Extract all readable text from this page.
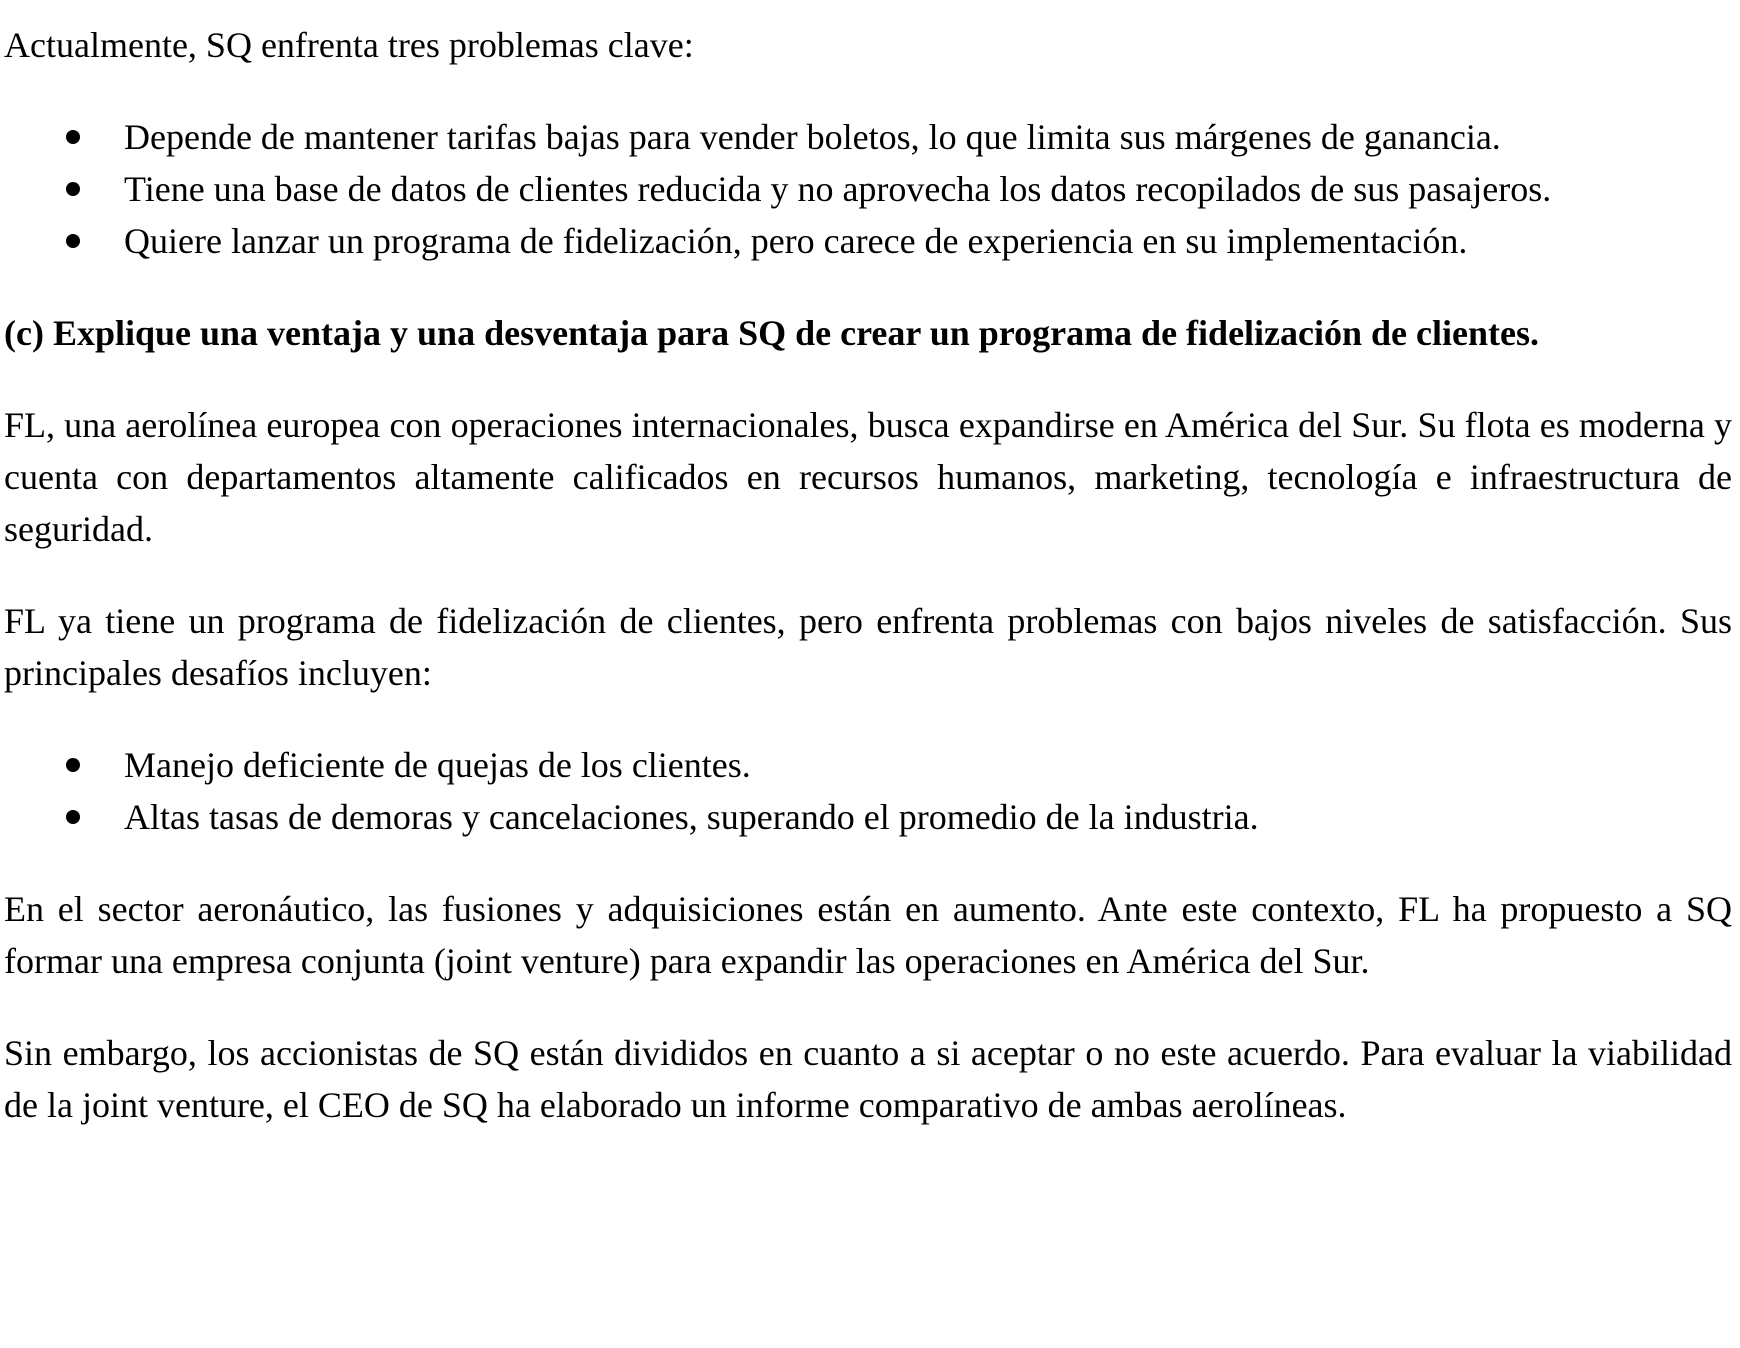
Actualmente, SQ enfrenta tres problemas clave:

Depende de mantener tarifas bajas para vender boletos, lo que limita sus márgenes de ganancia.
Tiene una base de datos de clientes reducida y no aprovecha los datos recopilados de sus pasajeros.
Quiere lanzar un programa de fidelización, pero carece de experiencia en su implementación.

(c) Explique una ventaja y una desventaja para SQ de crear un programa de fidelización de clientes.

FL, una aerolínea europea con operaciones internacionales, busca expandirse en América del Sur. Su flota es moderna y cuenta con departamentos altamente calificados en recursos humanos, marketing, tecnología e infraestructura de seguridad.

FL ya tiene un programa de fidelización de clientes, pero enfrenta problemas con bajos niveles de satisfacción. Sus principales desafíos incluyen:

Manejo deficiente de quejas de los clientes.
Altas tasas de demoras y cancelaciones, superando el promedio de la industria.

En el sector aeronáutico, las fusiones y adquisiciones están en aumento. Ante este contexto, FL ha propuesto a SQ formar una empresa conjunta (joint venture) para expandir las operaciones en América del Sur.

Sin embargo, los accionistas de SQ están divididos en cuanto a si aceptar o no este acuerdo. Para evaluar la viabilidad de la joint venture, el CEO de SQ ha elaborado un informe comparativo de ambas aerolíneas.
